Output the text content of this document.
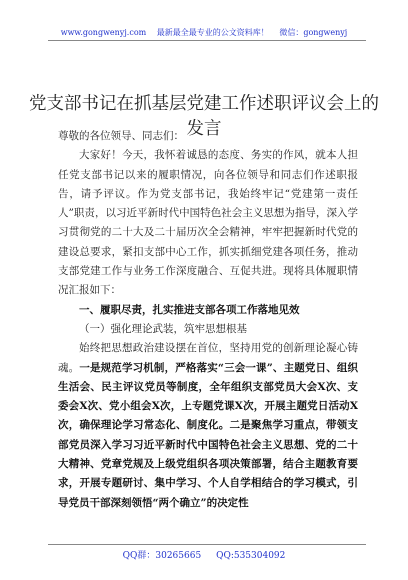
www.gongwenyj.com 最新最全最专业的公文资料库！ 微信：gongwenyj
党支部书记在抓基层党建工作述职评议会上的
发言

尊敬的各位领导、同志们：

大家好！今天，我怀着诚恳的态度、务实的作风，就本人担任党支部书记以来的履职情况，向各位领导和同志们作述职报告，请予评议。作为党支部书记，我始终牢记“党建第一责任人”职责，以习近平新时代中国特色社会主义思想为指导，深入学习贯彻党的二十大及二十届历次全会精神，牢牢把握新时代党的建设总要求，紧扣支部中心工作，抓实抓细党建各项任务，推动支部党建工作与业务工作深度融合、互促共进。现将具体履职情况汇报如下：

一、履职尽责，扎实推进支部各项工作落地见效

（一）强化理论武装，筑牢思想根基

始终把思想政治建设摆在首位，坚持用党的创新理论凝心铸魂。一是规范学习机制，严格落实“三会一课”、主题党日、组织生活会、民主评议党员等制度，全年组织支部党员大会X次、支委会X次、党小组会X次，上专题党课X次，开展主题党日活动X次，确保理论学习常态化、制度化。二是聚焦学习重点，带领支部党员深入学习习近平新时代中国特色社会主义思想、党的二十大精神、党章党规及上级党组织各项决策部署，结合主题教育要求，开展专题研讨、集中学习、个人自学相结合的学习模式，引导党员干部深刻领悟“两个确立”的决定性

QQ群：30265665 QQ:535304092
